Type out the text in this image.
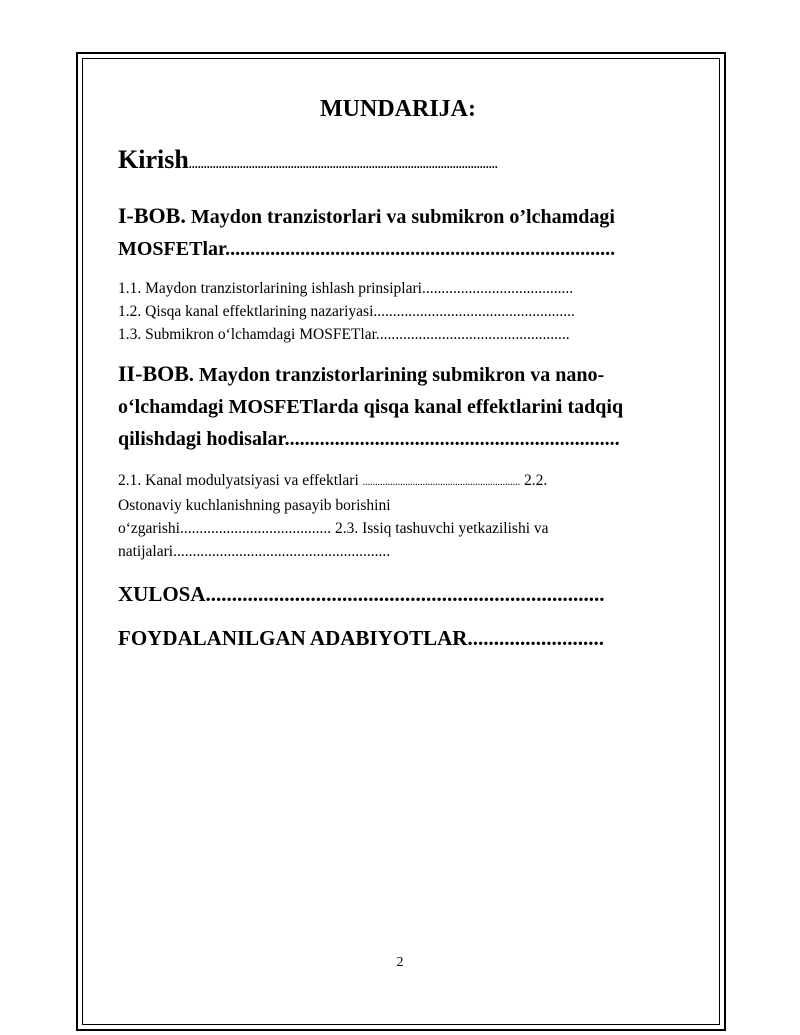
MUNDARIJA:
Kirish.......................................................................................................
I-BOB. Maydon tranzistorlari va submikron o’lchamdagi
MOSFETlar..............................................................................
1.1. Maydon tranzistorlarining ishlash prinsiplari.......................................
1.2. Qisqa kanal effektlarining nazariyasi....................................................
1.3. Submikron o‘lchamdagi MOSFETlar..................................................
II-BOB. Maydon tranzistorlarining submikron va nano-
o‘lchamdagi MOSFETlarda qisqa kanal effektlarini tadqiq
qilishdagi hodisalar...................................................................
2.1. Kanal modulyatsiyasi va effektlari ............................................................... 2.2.
Ostonaviy kuchlanishning pasayib borishini
o‘zgarishi....................................... 2.3. Issiq tashuvchi yetkazilishi va
natijalari........................................................
XULOSA............................................................................
FOYDALANILGAN ADABIYOTLAR..........................
2
